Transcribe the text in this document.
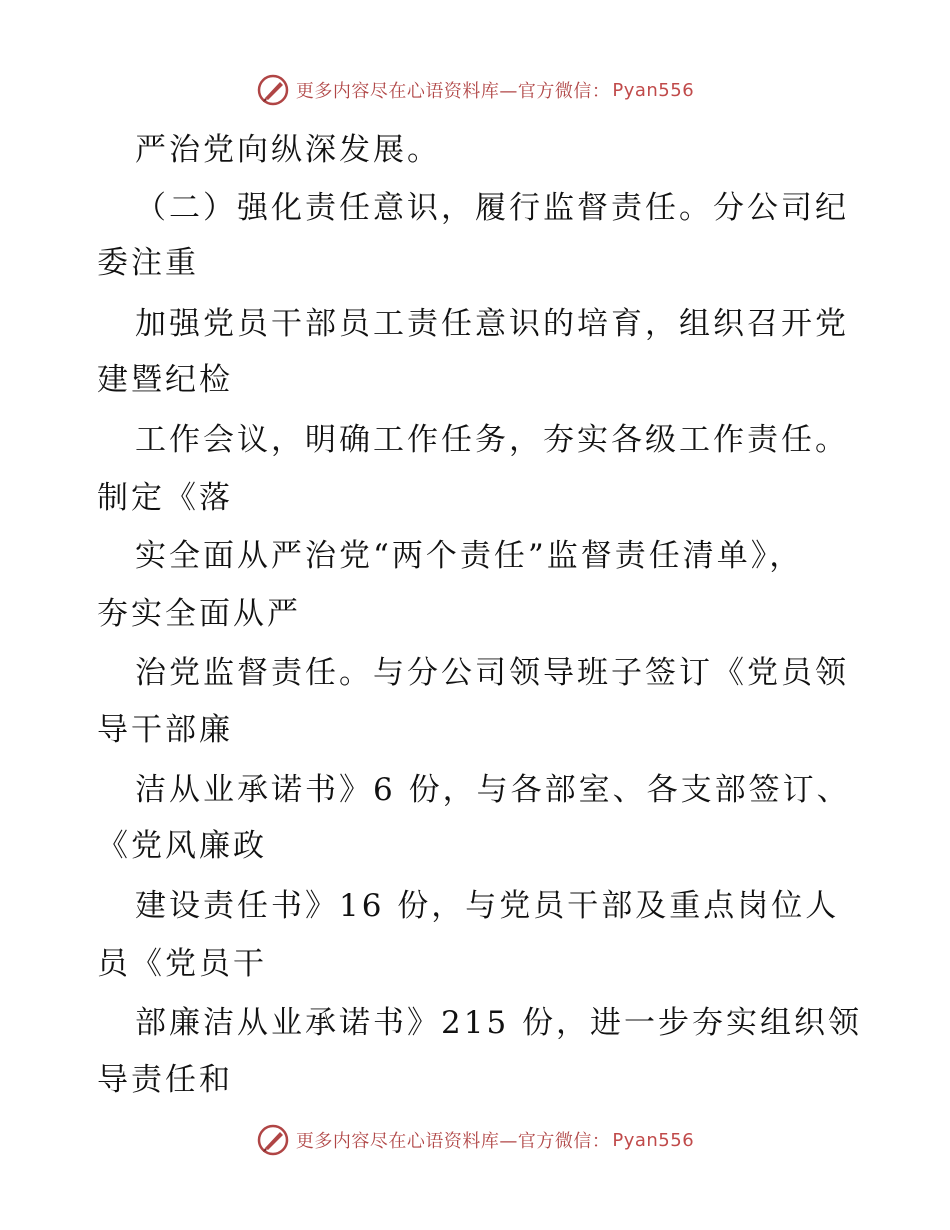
更多内容尽在心语资料库—官方微信： Pyan556
严治党向纵深发展。
（二）强化责任意识，履行监督责任。分公司纪
委注重
加强党员干部员工责任意识的培育，组织召开党
建暨纪检
工作会议，明确工作任务，夯实各级工作责任。
制定《落
实全面从严治党“两个责任”监督责任清单》，
夯实全面从严
治党监督责任。与分公司领导班子签订《党员领
导干部廉
洁从业承诺书》6 份，与各部室、各支部签订、
《党风廉政
建设责任书》16 份，与党员干部及重点岗位人
员《党员干
部廉洁从业承诺书》215 份，进一步夯实组织领
导责任和
更多内容尽在心语资料库—官方微信： Pyan556
